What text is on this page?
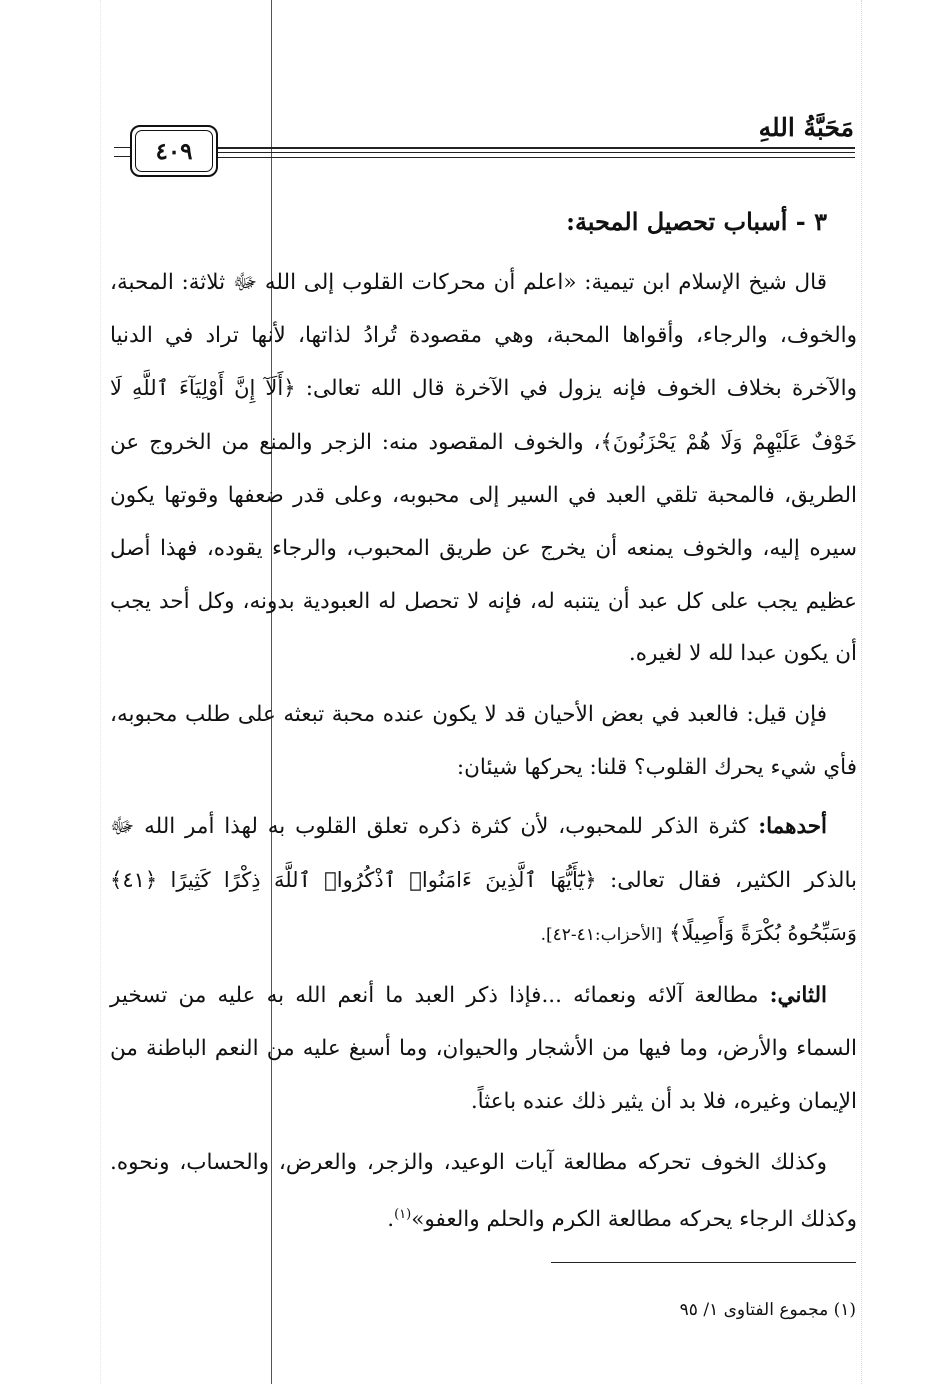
مَحَبَّةُ اللهِ
٤٠٩

٣ - أسباب تحصيل المحبة:

قال شيخ الإسلام ابن تيمية: «اعلم أن محركات القلوب إلى الله ﷻ ثلاثة: المحبة، والخوف، والرجاء، وأقواها المحبة، وهي مقصودة تُرادُ لذاتها، لأنها تراد في الدنيا والآخرة بخلاف الخوف فإنه يزول في الآخرة قال الله تعالى: ﴿أَلَآ إِنَّ أَوْلِيَآءَ ٱللَّهِ لَا خَوْفٌ عَلَيْهِمْ وَلَا هُمْ يَحْزَنُونَ﴾، والخوف المقصود منه: الزجر والمنع من الخروج عن الطريق، فالمحبة تلقي العبد في السير إلى محبوبه، وعلى قدر ضعفها وقوتها يكون سيره إليه، والخوف يمنعه أن يخرج عن طريق المحبوب، والرجاء يقوده، فهذا أصل عظيم يجب على كل عبد أن يتنبه له، فإنه لا تحصل له العبودية بدونه، وكل أحد يجب أن يكون عبدا لله لا لغيره.

فإن قيل: فالعبد في بعض الأحيان قد لا يكون عنده محبة تبعثه على طلب محبوبه، فأي شيء يحرك القلوب؟ قلنا: يحركها شيئان:

أحدهما: كثرة الذكر للمحبوب، لأن كثرة ذكره تعلق القلوب به لهذا أمر الله ﷻ بالذكر الكثير، فقال تعالى: ﴿يَٰٓأَيُّهَا ٱلَّذِينَ ءَامَنُوا۟ ٱذْكُرُوا۟ ٱللَّهَ ذِكْرًا كَثِيرًا ﴿٤١﴾ وَسَبِّحُوهُ بُكْرَةً وَأَصِيلًا﴾ [الأحزاب:٤١-٤٢].

الثاني: مطالعة آلائه ونعمائه ...فإذا ذكر العبد ما أنعم الله به عليه من تسخير السماء والأرض، وما فيها من الأشجار والحيوان، وما أسبغ عليه من النعم الباطنة من الإيمان وغيره، فلا بد أن يثير ذلك عنده باعثاً.

وكذلك الخوف تحركه مطالعة آيات الوعيد، والزجر، والعرض، والحساب، ونحوه. وكذلك الرجاء يحركه مطالعة الكرم والحلم والعفو»$^{(١)}$.

(١) مجموع الفتاوى ١/ ٩٥
